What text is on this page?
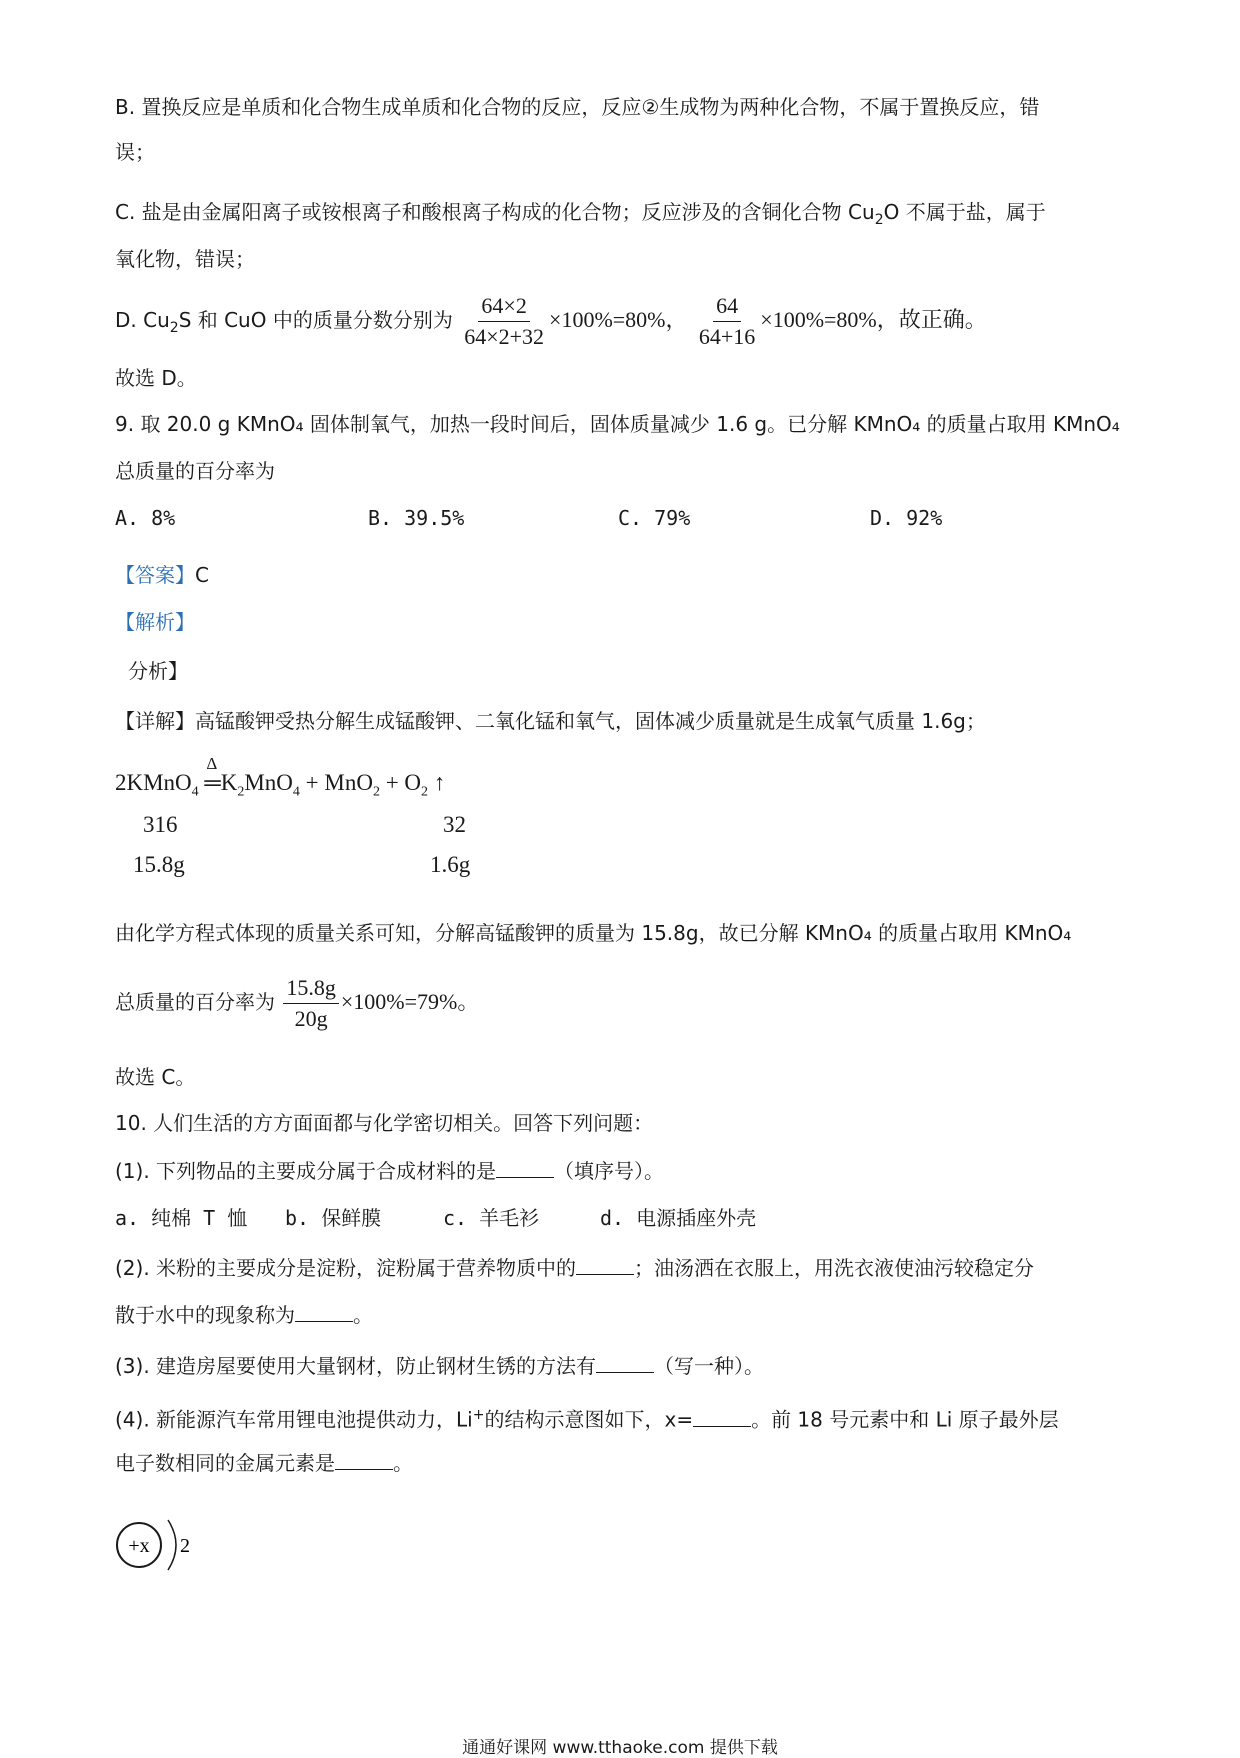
B. 置换反应是单质和化合物生成单质和化合物的反应，反应②生成物为两种化合物，不属于置换反应，错
误；
C. 盐是由金属阳离子或铵根离子和酸根离子构成的化合物；反应涉及的含铜化合物 $Cu_2O$ 不属于盐，属于
氧化物，错误；
D. $Cu_2S$ 和 CuO 中的质量分数分别为 $\frac{64\times 2}{64\times 2+32} \times 100\%=80\%$， $\frac{64}{64+16} \times 100\%=80\%$，故正确。
故选 D。
9. 取 20.0 g KMnO₄ 固体制氧气，加热一段时间后，固体质量减少 1.6 g。已分解 KMnO₄ 的质量占取用 KMnO₄
总质量的百分率为
A. 8%	B. 39.5%	C. 79%	D. 92%
【答案】C
【解析】
分析】
【详解】高锰酸钾受热分解生成锰酸钾、二氧化锰和氧气，固体减少质量就是生成氧气质量 1.6g；
2KMnO$_4$
Δ
$═K_2MnO_4 + MnO_2 + O_2$ ↑
316	32
15.8g	1.6g
由化学方程式体现的质量关系可知，分解高锰酸钾的质量为 15.8g，故已分解 KMnO₄ 的质量占取用 KMnO₄
总质量的百分率为 $\frac{15.8g}{20g} \times 100\%=79\%$。
故选 C。
10. 人们生活的方方面面都与化学密切相关。回答下列问题：
(1). 下列物品的主要成分属于合成材料的是	（填序号）。
a. 纯棉 T 恤 b. 保鲜膜	c. 羊毛衫	d. 电源插座外壳
(2). 米粉的主要成分是淀粉，淀粉属于营养物质中的	；油汤洒在衣服上，用洗衣液使油污较稳定分
散于水中的现象称为	。
(3). 建造房屋要使用大量钢材，防止钢材生锈的方法有	（写一种）。
(4). 新能源汽车常用锂电池提供动力，Li+的结构示意图如下，x=	。前 18 号元素中和 Li 原子最外层
电子数相同的金属元素是	。
+x 2
通通好课网 www.tthaoke.com 提供下载
